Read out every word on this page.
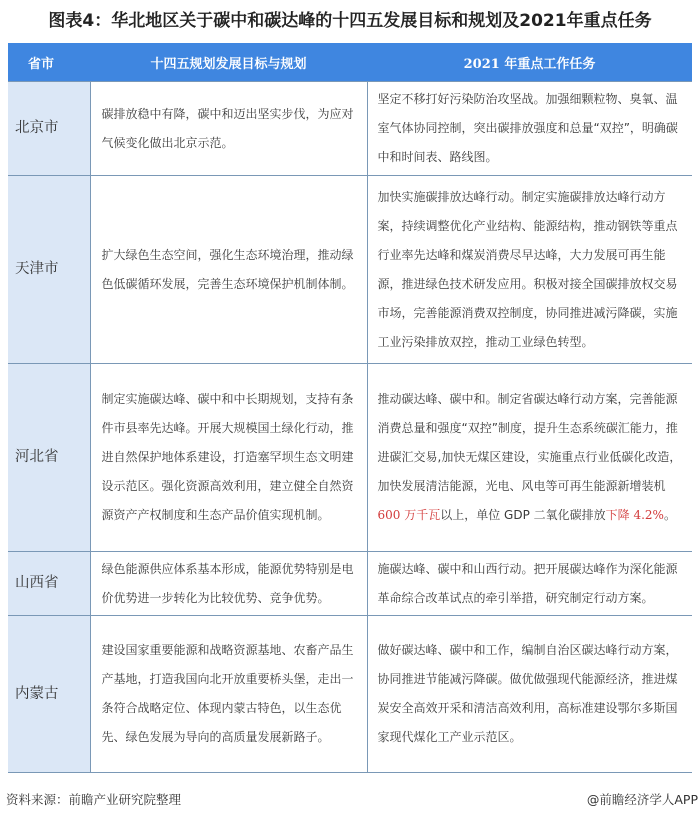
图表4：华北地区关于碳中和碳达峰的十四五发展目标和规划及2021年重点任务
省市	十四五规划发展目标与规划	2021 年重点工作任务
北京市	碳排放稳中有降，碳中和迈出坚实步伐，为应对气候变化做出北京示范。	坚定不移打好污染防治攻坚战。加强细颗粒物、臭氧、温室气体协同控制，突出碳排放强度和总量“双控”，明确碳中和时间表、路线图。
天津市	扩大绿色生态空间，强化生态环境治理，推动绿色低碳循环发展，完善生态环境保护机制体制。	加快实施碳排放达峰行动。制定实施碳排放达峰行动方案，持续调整优化产业结构、能源结构，推动钢铁等重点行业率先达峰和煤炭消费尽早达峰，大力发展可再生能源，推进绿色技术研发应用。积极对接全国碳排放权交易市场，完善能源消费双控制度，协同推进减污降碳，实施工业污染排放双控，推动工业绿色转型。
河北省	制定实施碳达峰、碳中和中长期规划，支持有条件市县率先达峰。开展大规模国土绿化行动，推进自然保护地体系建设，打造塞罕坝生态文明建设示范区。强化资源高效利用，建立健全自然资源资产产权制度和生态产品价值实现机制。	推动碳达峰、碳中和。制定省碳达峰行动方案，完善能源消费总量和强度“双控”制度，提升生态系统碳汇能力，推进碳汇交易,加快无煤区建设，实施重点行业低碳化改造，加快发展清洁能源，光电、风电等可再生能源新增装机 600 万千瓦以上，单位 GDP 二氧化碳排放下降 4.2%。
山西省	绿色能源供应体系基本形成，能源优势特别是电价优势进一步转化为比较优势、竞争优势。	施碳达峰、碳中和山西行动。把开展碳达峰作为深化能源革命综合改革试点的牵引举措，研究制定行动方案。
内蒙古	建设国家重要能源和战略资源基地、农畜产品生产基地，打造我国向北开放重要桥头堡，走出一条符合战略定位、体现内蒙古特色，以生态优先、绿色发展为导向的高质量发展新路子。	做好碳达峰、碳中和工作，编制自治区碳达峰行动方案，协同推进节能减污降碳。做优做强现代能源经济，推进煤炭安全高效开采和清洁高效利用，高标准建设鄂尔多斯国家现代煤化工产业示范区。
资料来源：前瞻产业研究院整理	@前瞻经济学人APP
